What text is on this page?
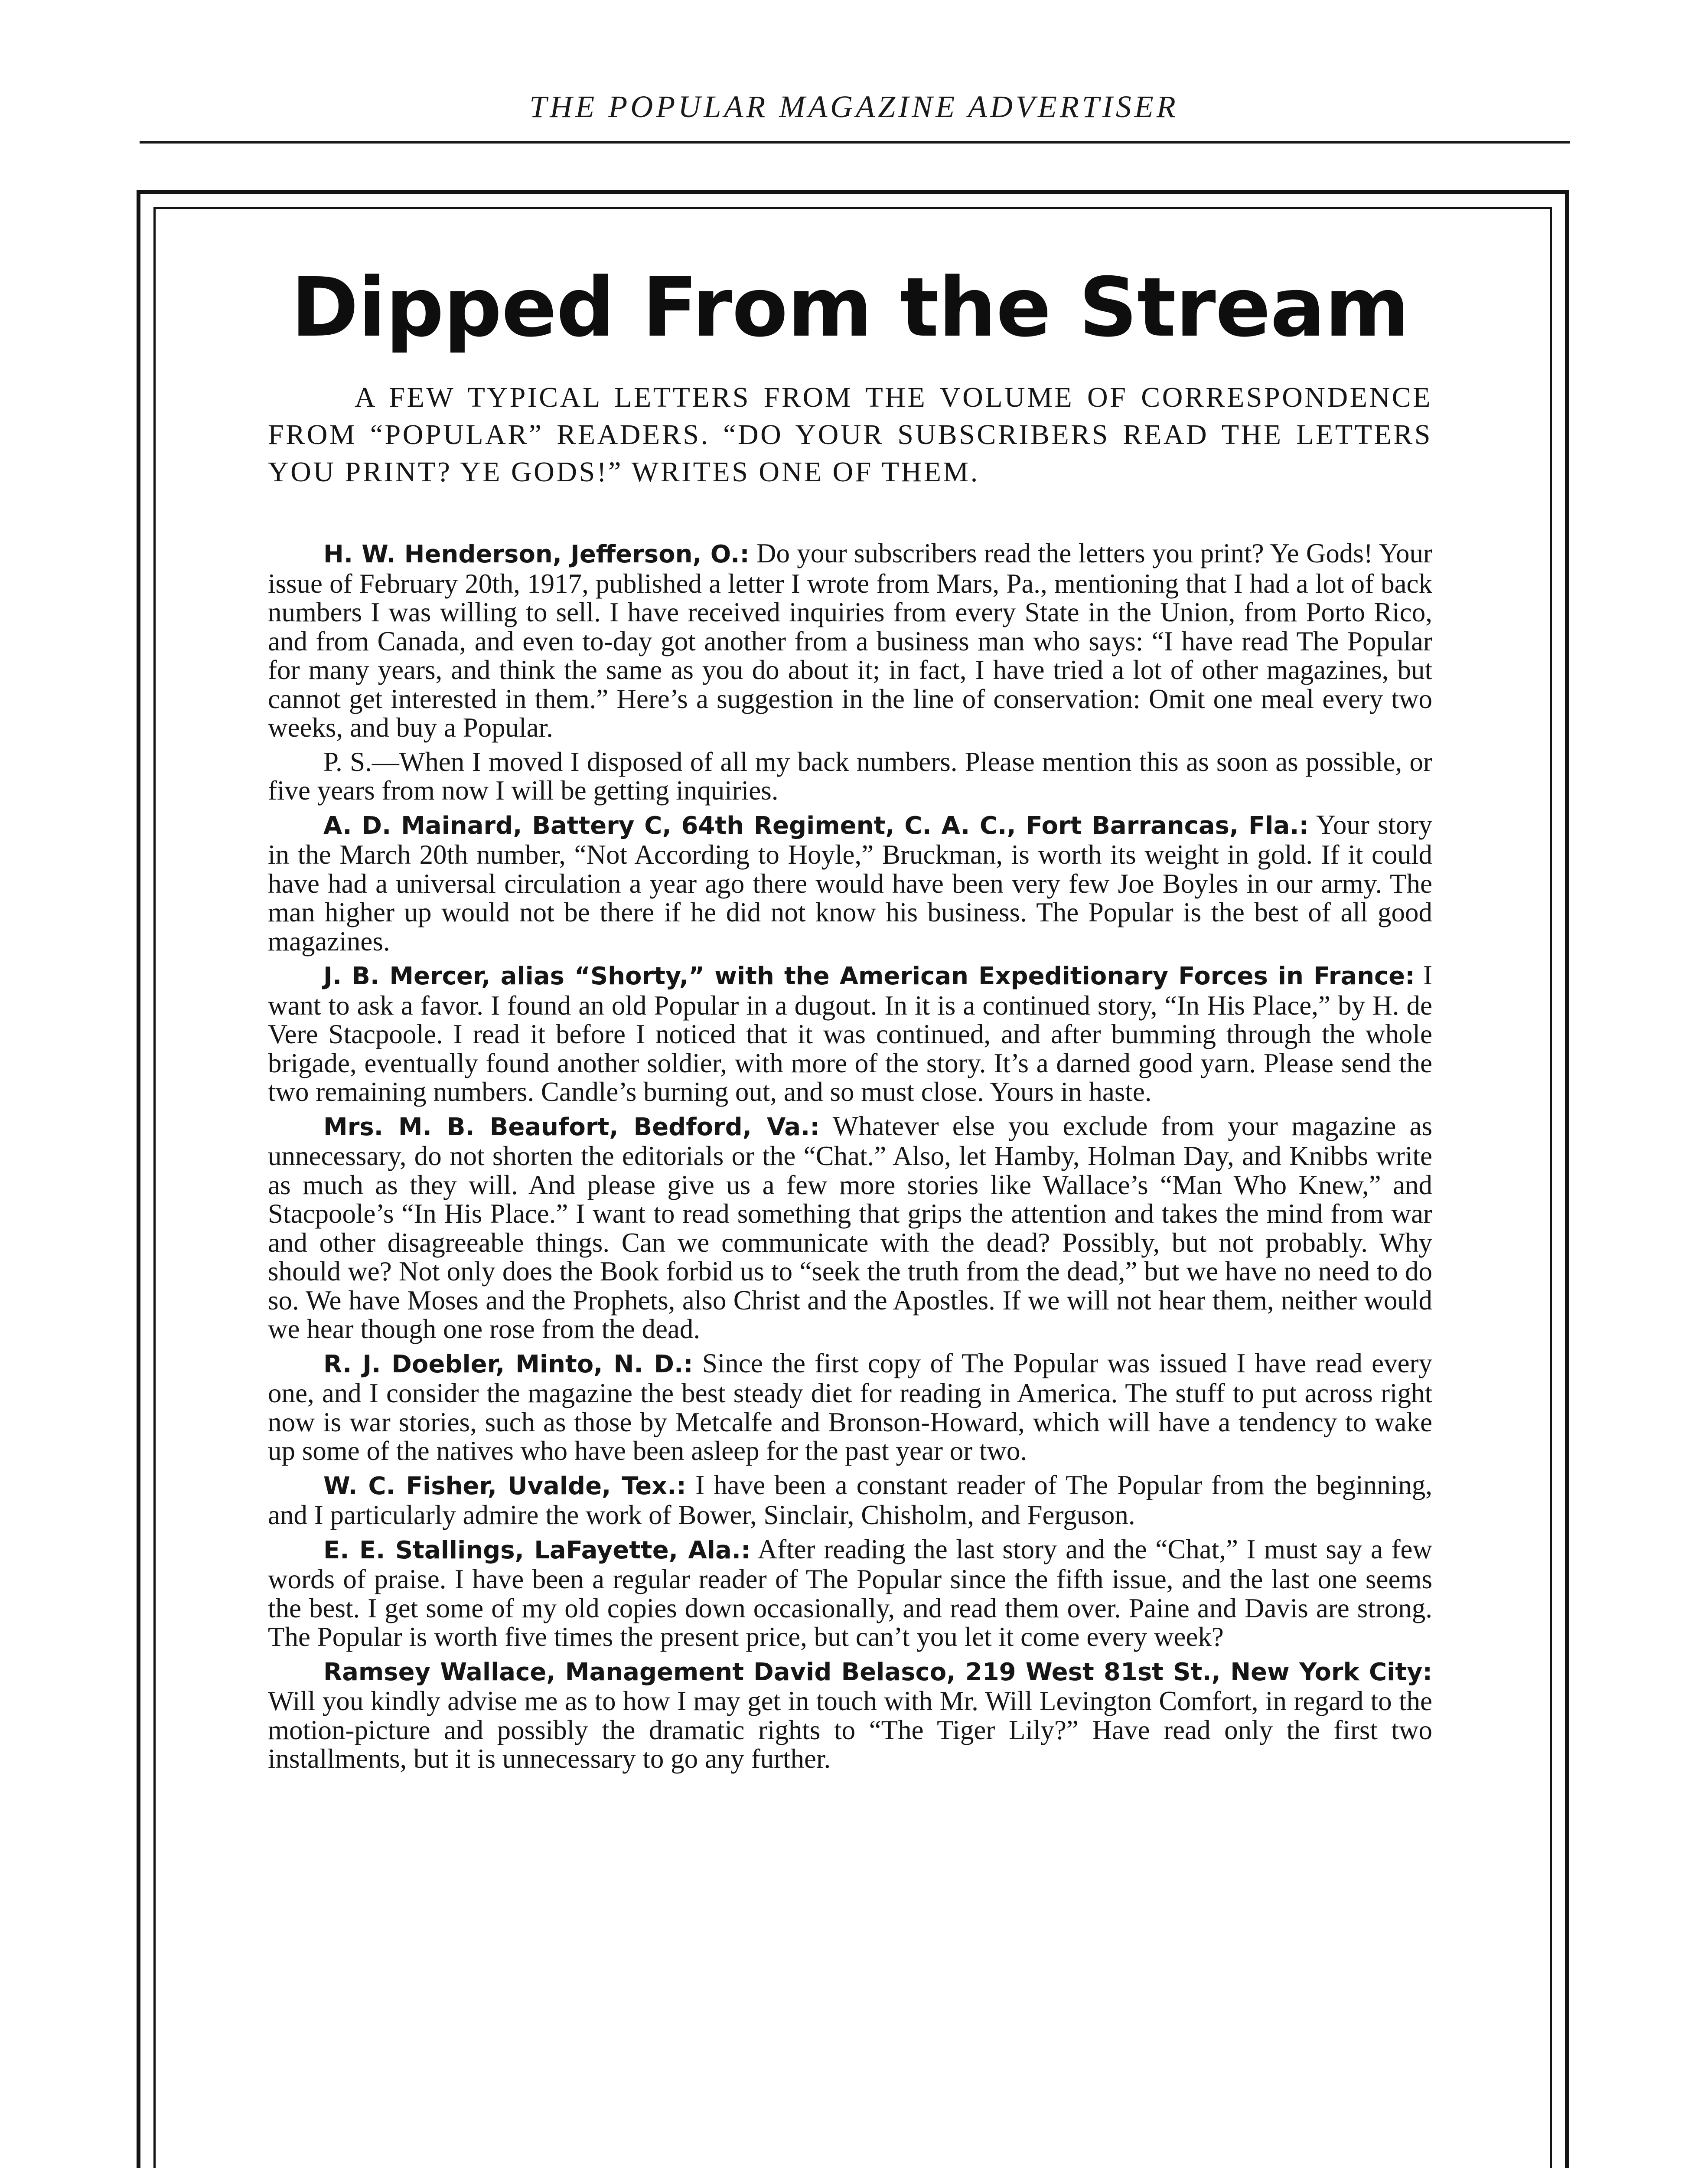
THE POPULAR MAGAZINE ADVERTISER
Dipped From the Stream

A FEW TYPICAL LETTERS FROM THE VOLUME OF CORRESPONDENCE FROM “POPULAR” READERS. “DO YOUR SUBSCRIBERS READ THE LETTERS YOU PRINT? YE GODS!” WRITES ONE OF THEM.

H. W. Henderson, Jefferson, O.: Do your subscribers read the letters you print? Ye Gods! Your issue of February 20th, 1917, published a letter I wrote from Mars, Pa., mentioning that I had a lot of back numbers I was willing to sell. I have received inquiries from every State in the Union, from Porto Rico, and from Canada, and even to-day got another from a business man who says: “I have read The Popular for many years, and think the same as you do about it; in fact, I have tried a lot of other magazines, but cannot get interested in them.” Here’s a suggestion in the line of conservation: Omit one meal every two weeks, and buy a Popular.

P. S.—When I moved I disposed of all my back numbers. Please mention this as soon as possible, or five years from now I will be getting inquiries.

A. D. Mainard, Battery C, 64th Regiment, C. A. C., Fort Barrancas, Fla.: Your story in the March 20th number, “Not According to Hoyle,” Bruckman, is worth its weight in gold. If it could have had a universal circulation a year ago there would have been very few Joe Boyles in our army. The man higher up would not be there if he did not know his business. The Popular is the best of all good magazines.

J. B. Mercer, alias “Shorty,” with the American Expeditionary Forces in France: I want to ask a favor. I found an old Popular in a dugout. In it is a continued story, “In His Place,” by H. de Vere Stacpoole. I read it before I noticed that it was continued, and after bumming through the whole brigade, eventually found another soldier, with more of the story. It’s a darned good yarn. Please send the two remaining numbers. Candle’s burning out, and so must close. Yours in haste.

Mrs. M. B. Beaufort, Bedford, Va.: Whatever else you exclude from your magazine as unnecessary, do not shorten the editorials or the “Chat.” Also, let Hamby, Holman Day, and Knibbs write as much as they will. And please give us a few more stories like Wallace’s “Man Who Knew,” and Stacpoole’s “In His Place.” I want to read something that grips the attention and takes the mind from war and other disagreeable things. Can we communicate with the dead? Possibly, but not probably. Why should we? Not only does the Book forbid us to “seek the truth from the dead,” but we have no need to do so. We have Moses and the Prophets, also Christ and the Apostles. If we will not hear them, neither would we hear though one rose from the dead.

R. J. Doebler, Minto, N. D.: Since the first copy of The Popular was issued I have read every one, and I consider the magazine the best steady diet for reading in America. The stuff to put across right now is war stories, such as those by Metcalfe and Bronson-Howard, which will have a tendency to wake up some of the natives who have been asleep for the past year or two.

W. C. Fisher, Uvalde, Tex.: I have been a constant reader of The Popular from the beginning, and I particularly admire the work of Bower, Sinclair, Chisholm, and Ferguson.

E. E. Stallings, LaFayette, Ala.: After reading the last story and the “Chat,” I must say a few words of praise. I have been a regular reader of The Popular since the fifth issue, and the last one seems the best. I get some of my old copies down occasionally, and read them over. Paine and Davis are strong. The Popular is worth five times the present price, but can’t you let it come every week?

Ramsey Wallace, Management David Belasco, 219 West 81st St., New York City: Will you kindly advise me as to how I may get in touch with Mr. Will Levington Comfort, in regard to the motion-picture and possibly the dramatic rights to “The Tiger Lily?” Have read only the first two installments, but it is unnecessary to go any further.
